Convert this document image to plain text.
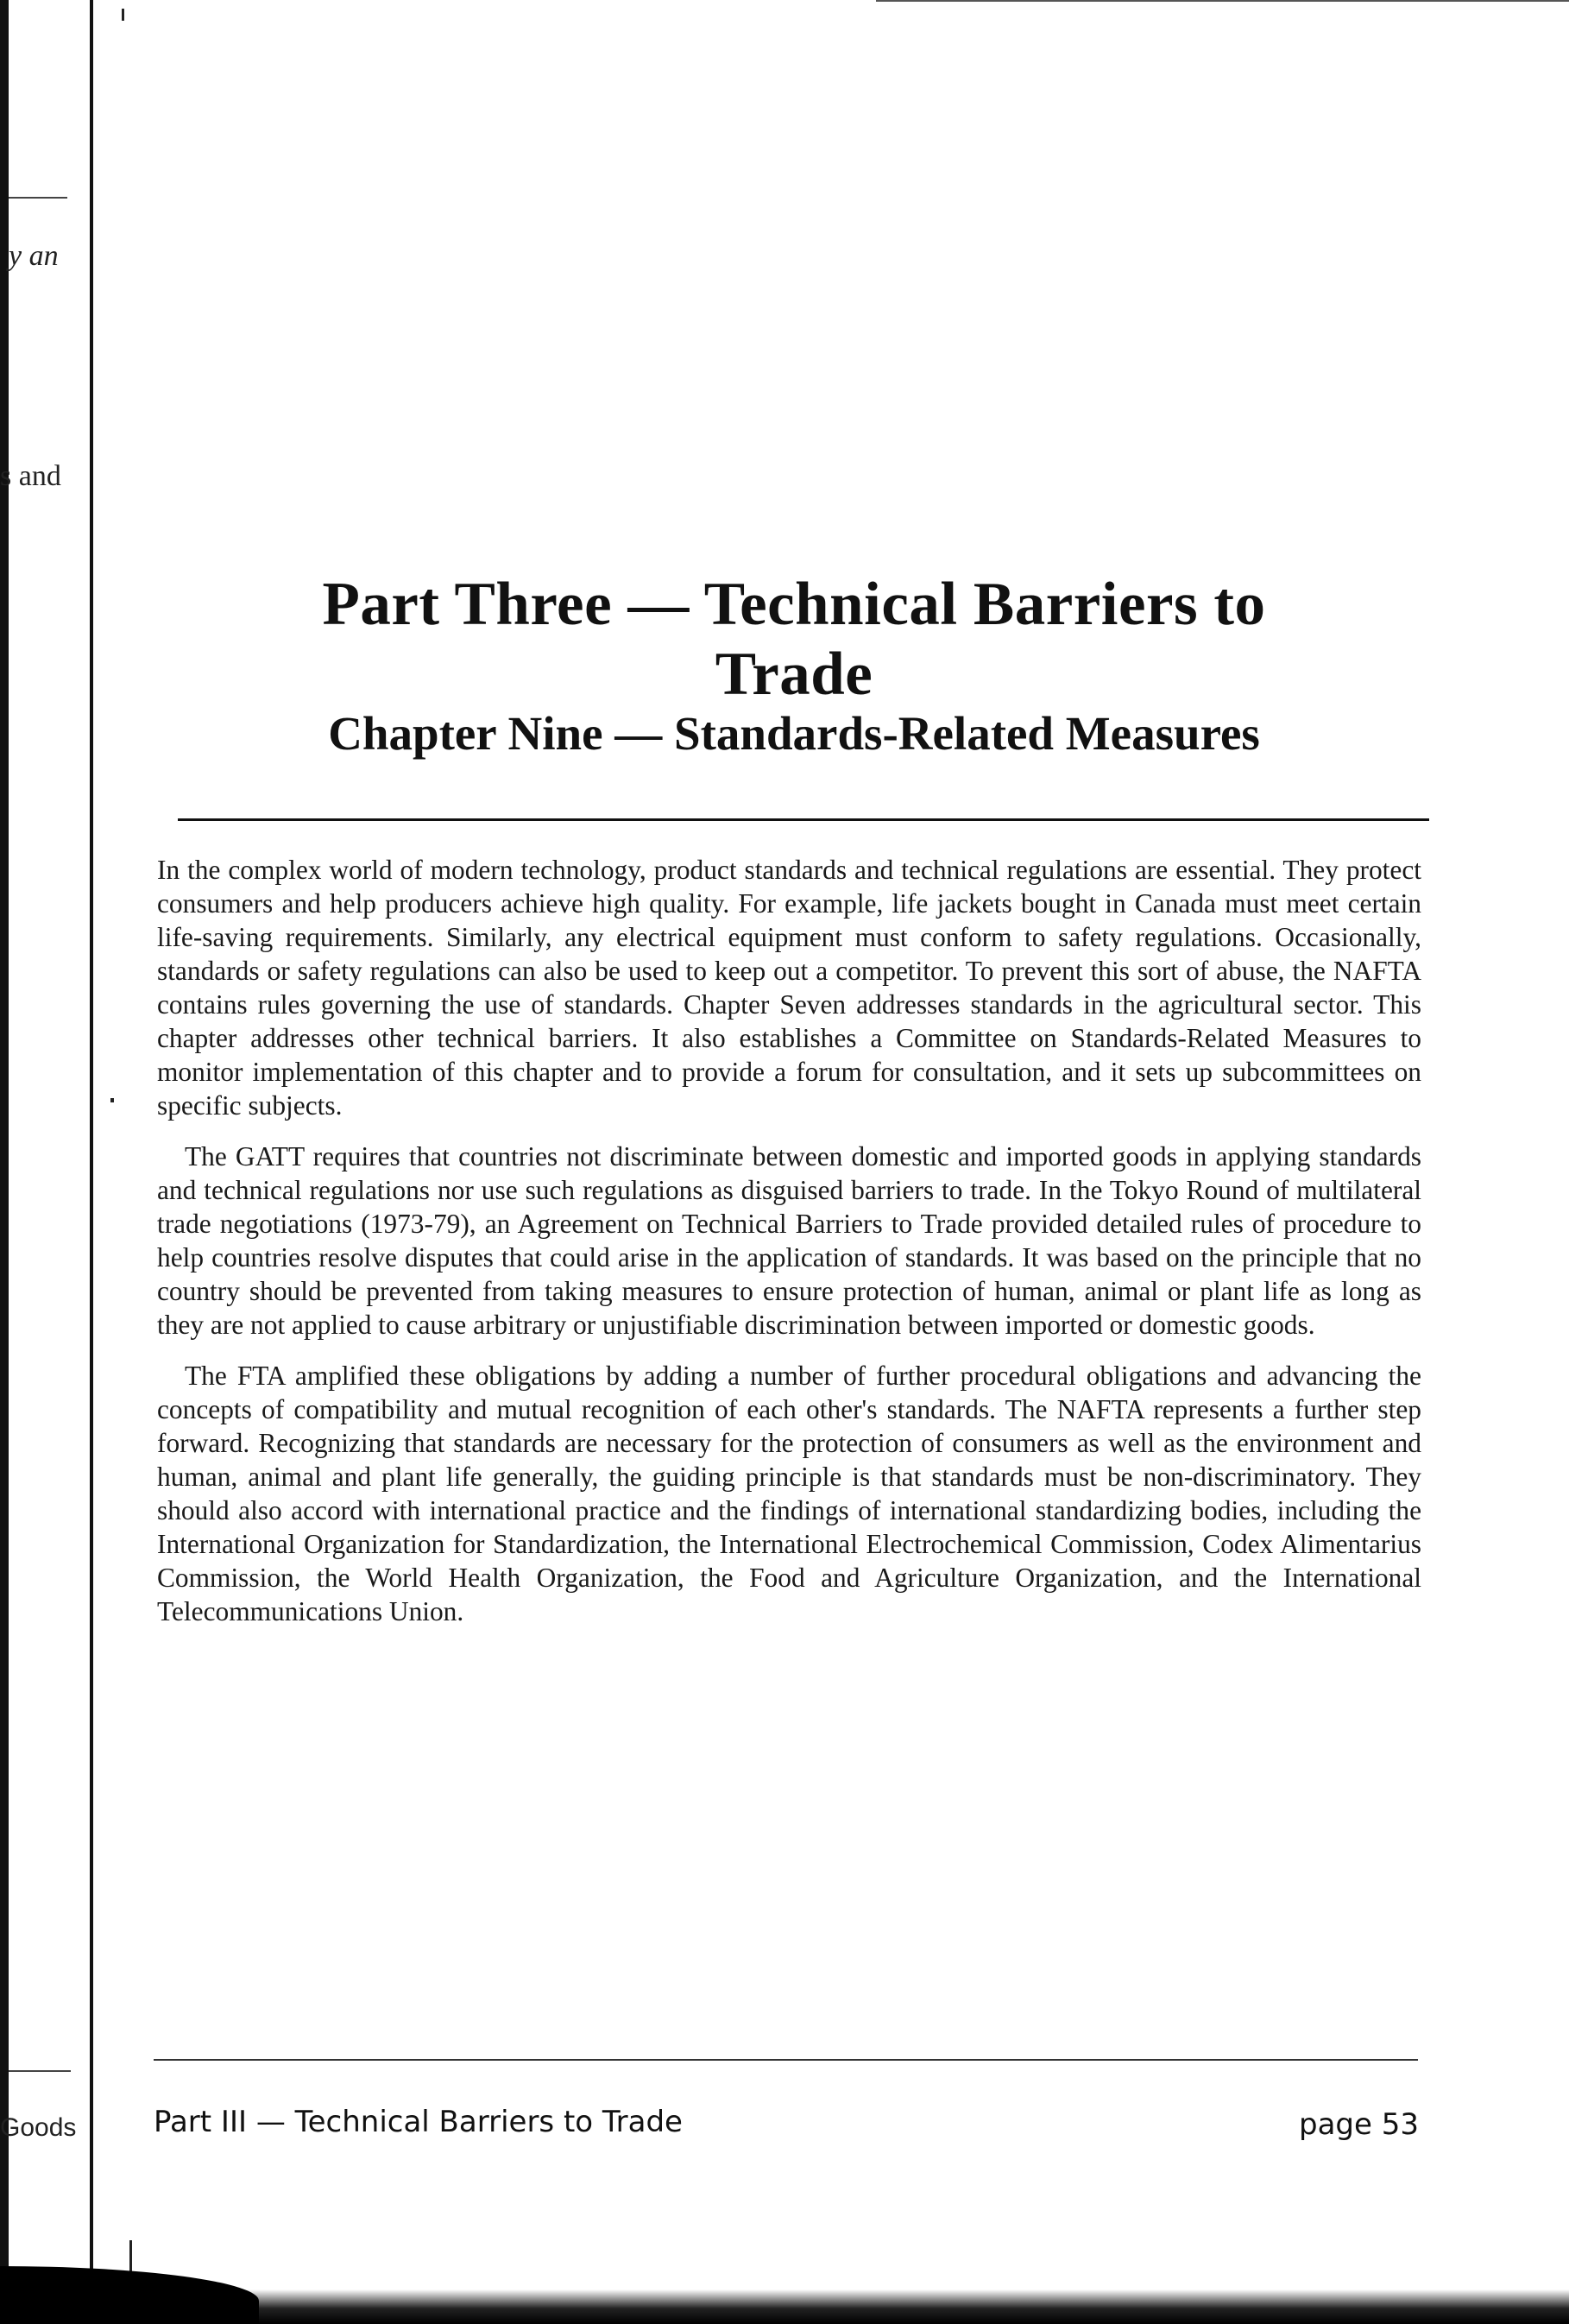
y an
s and
Goods
Part Three — Technical Barriers to Trade
Chapter Nine — Standards-Related Measures

In the complex world of modern technology, product standards and technical regulations are essential. They protect consumers and help producers achieve high quality. For example, life jackets bought in Canada must meet certain life-saving requirements. Similarly, any electrical equipment must conform to safety regulations. Occasionally, standards or safety regulations can also be used to keep out a competitor. To prevent this sort of abuse, the NAFTA contains rules governing the use of standards. Chapter Seven addresses standards in the agricultural sector. This chapter addresses other technical barriers. It also establishes a Committee on Standards-Related Measures to monitor implementation of this chapter and to provide a forum for consultation, and it sets up subcommittees on specific subjects.

The GATT requires that countries not discriminate between domestic and imported goods in applying standards and technical regulations nor use such regulations as disguised barriers to trade. In the Tokyo Round of multilateral trade negotiations (1973-79), an Agreement on Technical Barriers to Trade provided detailed rules of procedure to help countries resolve disputes that could arise in the application of standards. It was based on the principle that no country should be prevented from taking measures to ensure protection of human, animal or plant life as long as they are not applied to cause arbitrary or unjustifiable discrimination between imported or domestic goods.

The FTA amplified these obligations by adding a number of further procedural obligations and advancing the concepts of compatibility and mutual recognition of each other's standards. The NAFTA represents a further step forward. Recognizing that standards are necessary for the protection of consumers as well as the environment and human, animal and plant life generally, the guiding principle is that standards must be non-discriminatory. They should also accord with international practice and the findings of international standardizing bodies, including the International Organization for Standardization, the International Electrochemical Commission, Codex Alimentarius Commission, the World Health Organization, the Food and Agriculture Organization, and the International Telecommunications Union.

Part III — Technical Barriers to Trade	page 53
